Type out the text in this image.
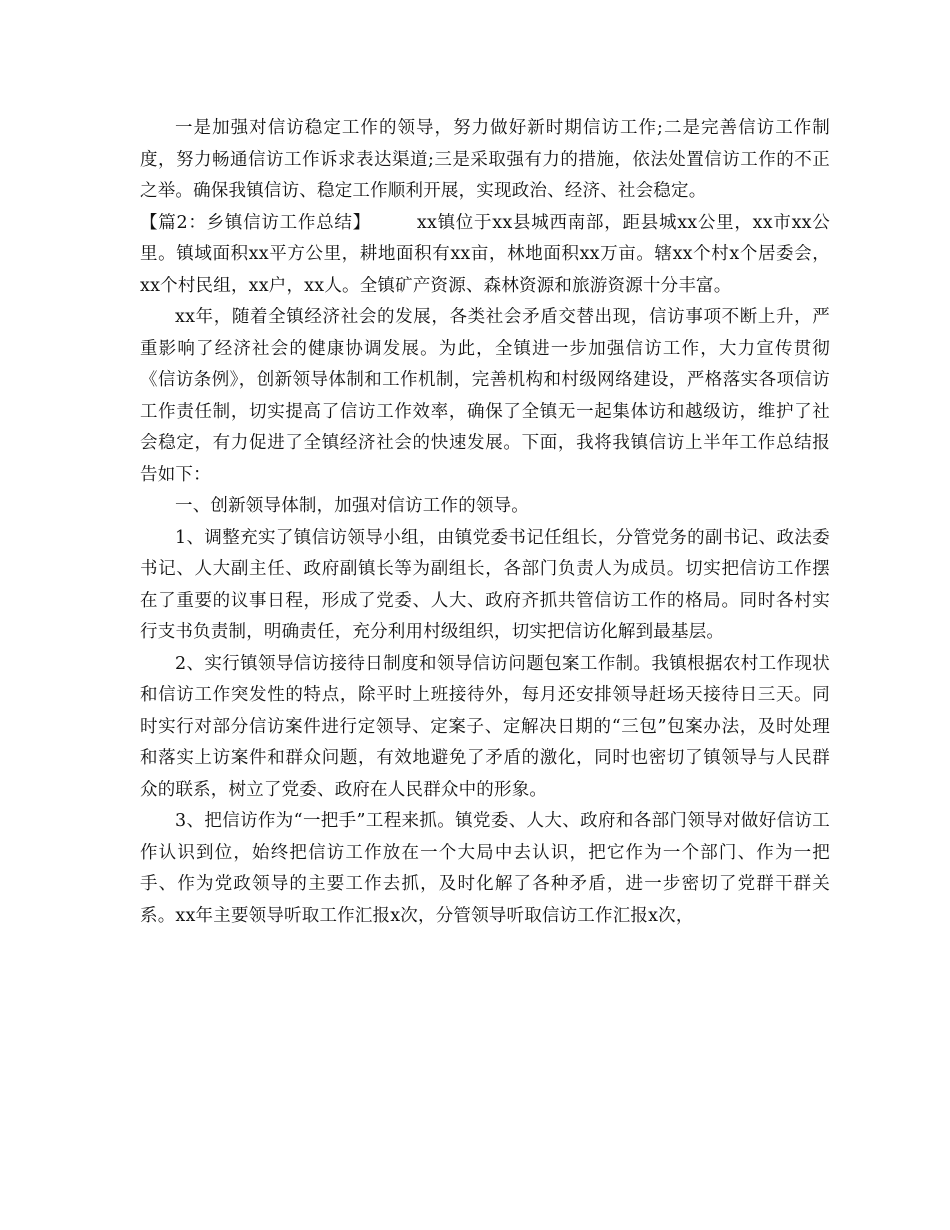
一是加强对信访稳定工作的领导，努力做好新时期信访工作;二是完善信访工作制度，努力畅通信访工作诉求表达渠道;三是采取强有力的措施，依法处置信访工作的不正之举。确保我镇信访、稳定工作顺利开展，实现政治、经济、社会稳定。

【篇2：乡镇信访工作总结】	xx镇位于xx县城西南部，距县城xx公里，xx市xx公里。镇域面积xx平方公里，耕地面积有xx亩，林地面积xx万亩。辖xx个村x个居委会，xx个村民组，xx户，xx人。全镇矿产资源、森林资源和旅游资源十分丰富。

xx年，随着全镇经济社会的发展，各类社会矛盾交替出现，信访事项不断上升，严重影响了经济社会的健康协调发展。为此，全镇进一步加强信访工作，大力宣传贯彻《信访条例》，创新领导体制和工作机制，完善机构和村级网络建设，严格落实各项信访工作责任制，切实提高了信访工作效率，确保了全镇无一起集体访和越级访，维护了社会稳定，有力促进了全镇经济社会的快速发展。下面，我将我镇信访上半年工作总结报告如下：

一、创新领导体制，加强对信访工作的领导。

1、调整充实了镇信访领导小组，由镇党委书记任组长，分管党务的副书记、政法委书记、人大副主任、政府副镇长等为副组长，各部门负责人为成员。切实把信访工作摆在了重要的议事日程，形成了党委、人大、政府齐抓共管信访工作的格局。同时各村实行支书负责制，明确责任，充分利用村级组织，切实把信访化解到最基层。

2、实行镇领导信访接待日制度和领导信访问题包案工作制。我镇根据农村工作现状和信访工作突发性的特点，除平时上班接待外，每月还安排领导赶场天接待日三天。同时实行对部分信访案件进行定领导、定案子、定解决日期的“三包”包案办法，及时处理和落实上访案件和群众问题，有效地避免了矛盾的激化，同时也密切了镇领导与人民群众的联系，树立了党委、政府在人民群众中的形象。

3、把信访作为“一把手”工程来抓。镇党委、人大、政府和各部门领导对做好信访工作认识到位，始终把信访工作放在一个大局中去认识，把它作为一个部门、作为一把手、作为党政领导的主要工作去抓，及时化解了各种矛盾，进一步密切了党群干群关系。xx年主要领导听取工作汇报x次，分管领导听取信访工作汇报x次，
